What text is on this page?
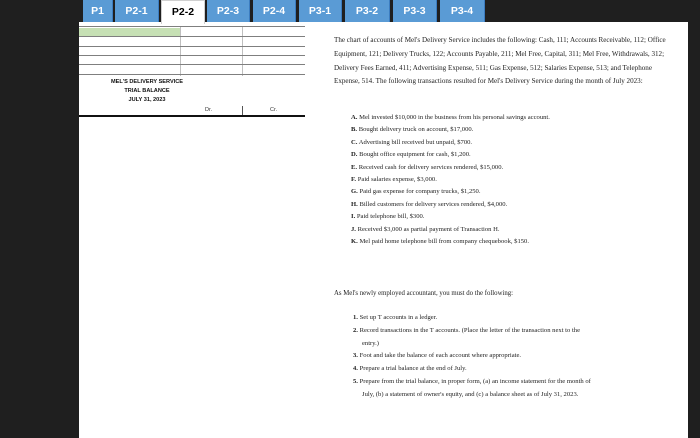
P1	P2-1	P2-2	P2-3	P2-4	P3-1	P3-2	P3-3	P3-4
MEL'S DELIVERY SERVICE
TRIAL BALANCE
JULY 31, 2023
Dr.	Cr.

The chart of accounts of Mel's Delivery Service includes the following: Cash, 111; Accounts Receivable, 112; Office Equipment, 121; Delivery Trucks, 122; Accounts Payable, 211; Mel Free, Capital, 311; Mel Free, Withdrawals, 312; Delivery Fees Earned, 411; Advertising Expense, 511; Gas Expense, 512; Salaries Expense, 513; and Telephone Expense, 514. The following transactions resulted for Mel's Delivery Service during the month of July 2023:

A. Mel invested $10,000 in the business from his personal savings account.
B. Bought delivery truck on account, $17,000.
C. Advertising bill received but unpaid, $700.
D. Bought office equipment for cash, $1,200.
E. Received cash for delivery services rendered, $15,000.
F. Paid salaries expense, $3,000.
G. Paid gas expense for company trucks, $1,250.
H. Billed customers for delivery services rendered, $4,000.
I. Paid telephone bill, $300.
J. Received $3,000 as partial payment of Transaction H.
K. Mel paid home telephone bill from company chequebook, $150.
As Mel's newly employed accountant, you must do the following:
1. Set up T accounts in a ledger.
2. Record transactions in the T accounts. (Place the letter of the transaction next to the
entry.)
3. Foot and take the balance of each account where appropriate.
4. Prepare a trial balance at the end of July.
5. Prepare from the trial balance, in proper form, (a) an income statement for the month of
July, (b) a statement of owner's equity, and (c) a balance sheet as of July 31, 2023.
